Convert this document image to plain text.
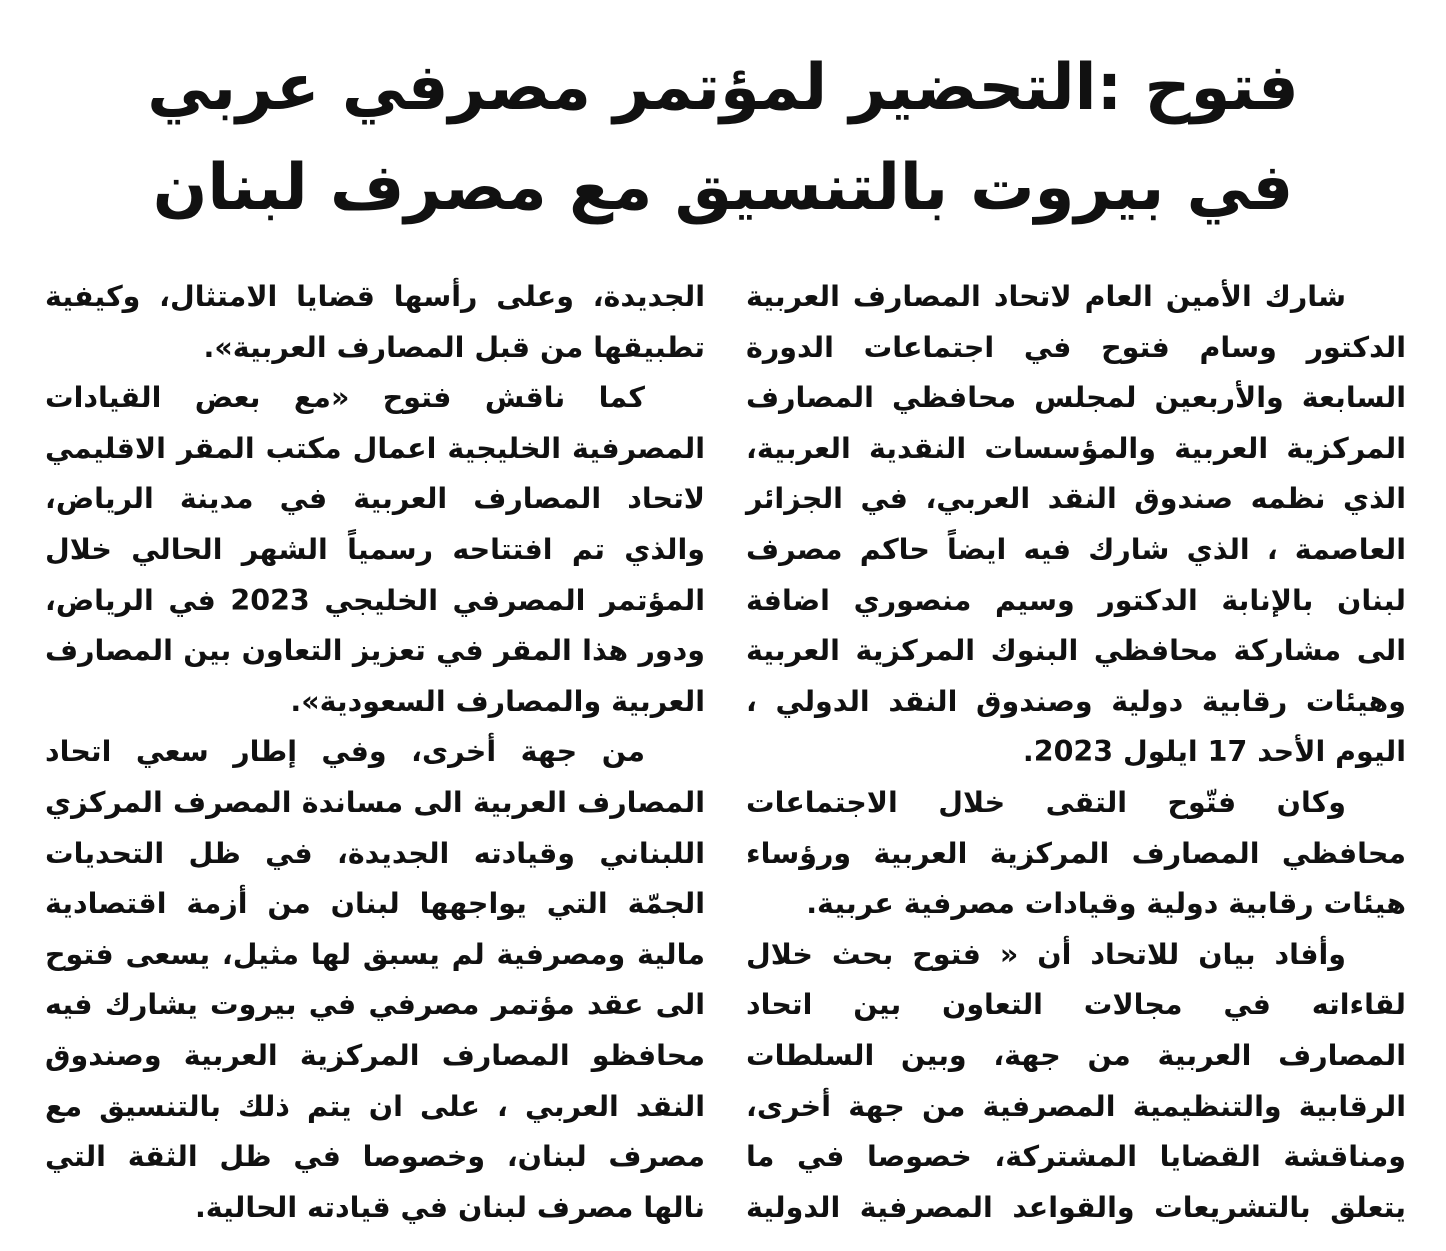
فتوح :التحضير لمؤتمر مصرفي عربي
في بيروت بالتنسيق مع مصرف لبنان
شارك الأمين العام لاتحاد المصارف العربية
الدكتور وسام فتوح في اجتماعات الدورة
السابعة والأربعين لمجلس محافظي المصارف
المركزية العربية والمؤسسات النقدية العربية،
الذي نظمه صندوق النقد العربي، في الجزائر
العاصمة ، الذي شارك فيه ايضاً حاكم مصرف
لبنان بالإنابة الدكتور وسيم منصوري اضافة
الى مشاركة محافظي البنوك المركزية العربية
وهيئات رقابية دولية وصندوق النقد الدولي ،
اليوم الأحد 17 ايلول 2023.
وكان فتّوح التقى خلال الاجتماعات
محافظي المصارف المركزية العربية ورؤساء
هيئات رقابية دولية وقيادات مصرفية عربية.
وأفاد بيان للاتحاد أن « فتوح بحث خلال
لقاءاته في مجالات التعاون بين اتحاد
المصارف العربية من جهة، وبين السلطات
الرقابية والتنظيمية المصرفية من جهة أخرى،
ومناقشة القضايا المشتركة، خصوصا في ما
يتعلق بالتشريعات والقواعد المصرفية الدولية
الجديدة، وعلى رأسها قضايا الامتثال، وكيفية
تطبيقها من قبل المصارف العربية».
كما ناقش فتوح «مع بعض القيادات
المصرفية الخليجية اعمال مكتب المقر الاقليمي
لاتحاد المصارف العربية في مدينة الرياض،
والذي تم افتتاحه رسمياً الشهر الحالي خلال
المؤتمر المصرفي الخليجي 2023 في الرياض،
ودور هذا المقر في تعزيز التعاون بين المصارف
العربية والمصارف السعودية».
من جهة أخرى، وفي إطار سعي اتحاد
المصارف العربية الى مساندة المصرف المركزي
اللبناني وقيادته الجديدة، في ظل التحديات
الجمّة التي يواجهها لبنان من أزمة اقتصادية
مالية ومصرفية لم يسبق لها مثيل، يسعى فتوح
الى عقد مؤتمر مصرفي في بيروت يشارك فيه
محافظو المصارف المركزية العربية وصندوق
النقد العربي ، على ان يتم ذلك بالتنسيق مع
مصرف لبنان، وخصوصا في ظل الثقة التي
نالها مصرف لبنان في قيادته الحالية.
